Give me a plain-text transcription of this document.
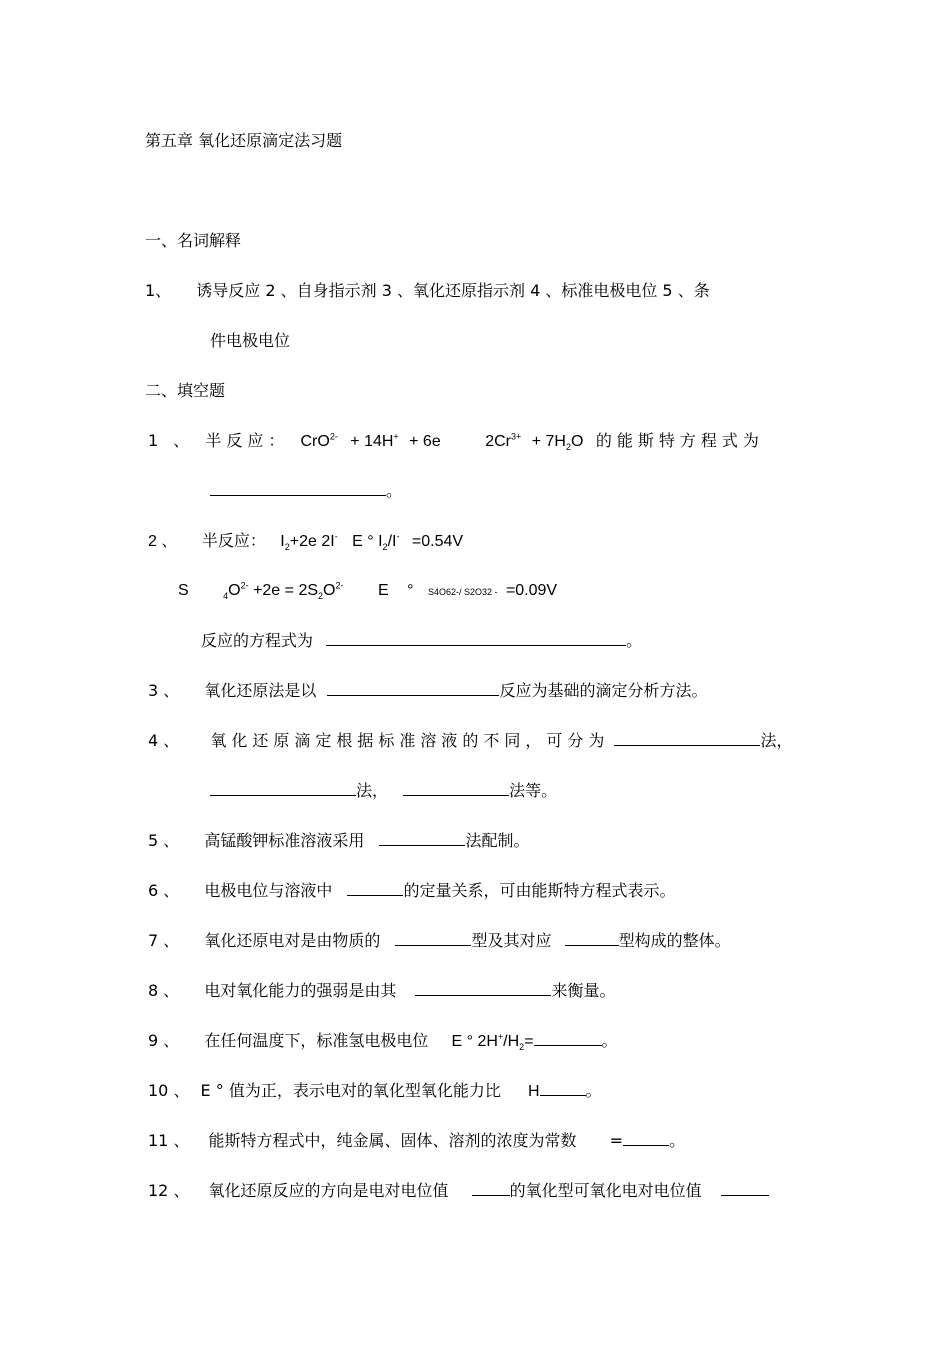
第五章 氧化还原滴定法习题
一、名词解释
1、 诱导反应 2 、自身指示剂 3 、氧化还原指示剂 4 、标准电极电位 5 、条
件电极电位
二、填空题
1 、 半反应： CrO$^{2-}$ + 14H+ + 6e	$2Cr^{3+} + 7H_2O$ 的能斯特方程式为
。
2 、 半反应： $I_2+2e$ 2I- E ° $I_2/I^- =0.54V$
S	$_4O^{2-} +2e = 2S_2O^{2-}$ E ° S4O62-/ S2O32 - =0.09V
反应的方程式为	。
3 、 氧化还原法是以	反应为基础的滴定分析方法。
4 、 氧化还原滴定根据标准溶液的不同，可分为	法，
法，	法等。
5 、 高锰酸钾标准溶液采用	法配制。
6 、 电极电位与溶液中	的定量关系，可由能斯特方程式表示。
7 、 氧化还原电对是由物质的	型及其对应	型构成的整体。
8 、 电对氧化能力的强弱是由其	来衡量。
9 、 在任何温度下，标准氢电极电位 E ° $2H^+/H_2=$	。
10 、 E ° 值为正，表示电对的氧化型氧化能力比 H	。
11 、 能斯特方程式中，纯金属、固体、溶剂的浓度为常数 =	。
12 、 氧化还原反应的方向是电对电位值	的氧化型可氧化电对电位值
